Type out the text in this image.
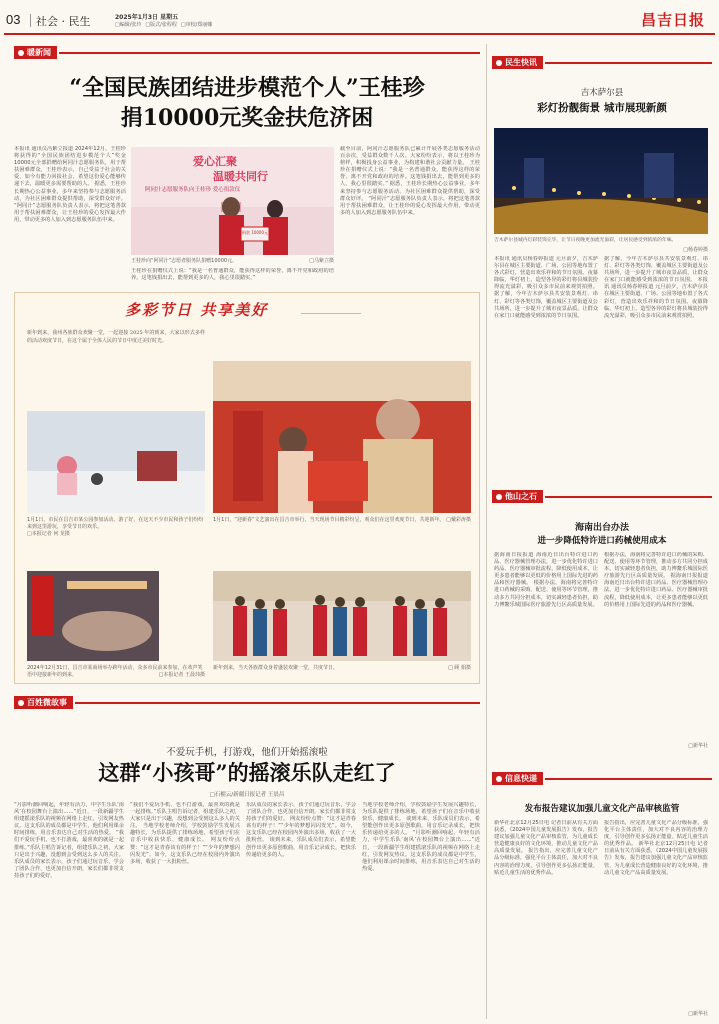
03 社会 · 民生	2025年1月3日 星期五
□编辑/张玲 □版式/张程程 □审校/郑丽娜	昌吉日报
暖新闻
“全国民族团结进步模范个人”王桂珍
捐10000元奖金扶危济困
本报讯 通讯员冯紫立报道 2024年12月，王桂珍将获得的“全国民族团结进步模范个人”奖金10000元全部捐赠给阿同汁志愿服务队，用于帮扶困难群众，王桂珍表示，自己受益于社会的关爱，如今有能力回报社会，希望这份爱心能够传递下去，温暖更多需要帮助的人。 据悉，王桂珍长期热心公益事业，多年来坚持参与志愿服务活动，为社区困难群众提供帮助，深受群众好评。 “阿同汁”志愿服务队负责人表示，将把这笔善款用于帮扶困难群众，让王桂珍的爱心发挥最大作用，带动更多的人加入到志愿服务队伍中来。
爱心汇聚
温暖共同行
阿同汁志愿服务队向王桂珍 爱心捐款仪
捐款 10000元
王桂珍向“阿同汁”志愿者服务队捐赠10000元。	□马紫立摄
王桂珍在捐赠仪式上说：“我是一名普通群众，能获得这样的荣誉，离不开党和政府的培养。这笔钱捐出去，能帮到更多的人，我心里很踏实。”
截至目前，阿同汁志愿服务队已累计开展各类志愿服务活动百余次，受益群众数千人次。大家纷纷表示，将以王桂珍为榜样，积极投身公益事业，为构建和谐社会贡献力量。 王桂珍在捐赠仪式上说：“我是一名普通群众，能获得这样的荣誉，离不开党和政府的培养。这笔钱捐出去，能帮到更多的人，我心里很踏实。” 据悉，王桂珍长期热心公益事业，多年来坚持参与志愿服务活动，为社区困难群众提供帮助，深受群众好评。 “阿同汁”志愿服务队负责人表示，将把这笔善款用于帮扶困难群众，让王桂珍的爱心发挥最大作用，带动更多的人加入到志愿服务队伍中来。
多彩节日 共享美好
新年到来，我州各族群众欢聚一堂，一起迎接 2025 年的到来，大家以形式多样的活动欢度节日，在这个属于全体人民的节日中度过美好时光。
1月1日，市民在昌吉市某公园参加活动。游了好，在这天不少市民和孩子们纷纷来到这里游玩，享受节日的欢乐。
□本报记者 何 龙摄
1月1日，“迎新春”文艺演出在昌吉市举行，当天现场节目精彩纷呈，观众们在这里欢度节日，共迎新年。 □戴彩涛摄
2024年12月31日，昌吉市某商场举办跨年活动，众多市民前来参加，在欢声笑语中迎接新年的到来。	□本报记者 王晨玮摄
新年到来，当天各族群众身着盛装欢聚一堂，共度节日。	□ 顾 娟摄
百姓微故事
不爱玩手机，打游戏，他们开始摇滚啦
这群“小孩哥”的摇滚乐队走红了
□石榴云/新疆日报记者 王晨昌
“月影听潮回响起，年轻有活力，中学生乐队‘南风’在校园舞台上演出……”近日，一段新疆学生组建摇滚乐队的视频在网络上走红，引发网友热议。这支乐队的成员都是中学生，他们利用课余时间排练，用音乐表达自己对生活的热爱。 “我们不爱玩手机，也不打游戏，最喜欢的就是一起排练。”乐队主唱告诉记者，组建乐队之初，大家只是出于兴趣，没想到会受到这么多人的关注。 乐队成员的家长表示，孩子们通过玩音乐，学会了团队合作，也更加自信开朗，家长们都非常支持孩子们的爱好。
“我们不爱玩手机，也不打游戏，最喜欢的就是一起排练。”乐队主唱告诉记者，组建乐队之初，大家只是出于兴趣，没想到会受到这么多人的关注。 当地学校老师介绍，学校鼓励学生发展兴趣特长，为乐队提供了排练场地，希望孩子们在音乐中收获快乐，健康成长。 网友纷纷点赞：“这才是青春该有的样子！”“少年的梦想闪闪发光”。如今，这支乐队已经在校园内外演出多场，收获了一大批粉丝。
乐队成员的家长表示，孩子们通过玩音乐，学会了团队合作，也更加自信开朗，家长们都非常支持孩子们的爱好。 网友纷纷点赞：“这才是青春该有的样子！”“少年的梦想闪闪发光”。如今，这支乐队已经在校园内外演出多场，收获了一大批粉丝。 谈到未来，乐队成员们表示，希望能创作出更多原创歌曲，用音乐记录成长，把快乐传递给更多的人。
当地学校老师介绍，学校鼓励学生发展兴趣特长，为乐队提供了排练场地，希望孩子们在音乐中收获快乐，健康成长。 谈到未来，乐队成员们表示，希望能创作出更多原创歌曲，用音乐记录成长，把快乐传递给更多的人。 “月影听潮回响起，年轻有活力，中学生乐队‘南风’在校园舞台上演出……”近日，一段新疆学生组建摇滚乐队的视频在网络上走红，引发网友热议。这支乐队的成员都是中学生，他们利用课余时间排练，用音乐表达自己对生活的热爱。
民生快讯
吉木萨尔县
彩灯扮靓街景 城市展现新颜
吉木萨尔县城内灯彩装饰完毕，让节日夜晚更加流光溢彩，让居民感受到浓浓的年味。
□杨春婷摄
本报讯 通讯员杨春婷报道 元旦前夕，吉木萨尔县在城区主要街道、广场、公园等地布置了各式彩灯，营造出欢乐祥和的节日氛围。夜幕降临，华灯初上，造型各异的彩灯将县城装扮得流光溢彩，吸引众多市民前来观赏拍照。 据了解，今年吉木萨尔县共安装景观灯、串灯、彩灯等各类灯饰，覆盖城区主要街道及公共场所，进一步提升了城市夜景品质，让群众在家门口就能感受到浓浓的节日氛围。
据了解，今年吉木萨尔县共安装景观灯、串灯、彩灯等各类灯饰，覆盖城区主要街道及公共场所，进一步提升了城市夜景品质，让群众在家门口就能感受到浓浓的节日氛围。 本报讯 通讯员杨春婷报道 元旦前夕，吉木萨尔县在城区主要街道、广场、公园等地布置了各式彩灯，营造出欢乐祥和的节日氛围。夜幕降临，华灯初上，造型各异的彩灯将县城装扮得流光溢彩，吸引众多市民前来观赏拍照。
他山之石
海南出台办法
进一步降低特许进口药械使用成本
据海南日报报道 海南近日出台特许进口药品、医疗器械管理办法，进一步优化特许进口药品、医疗器械审批流程，降低使用成本，让更多患者能够以更低的价格用上国际先进的药品和医疗器械。 根据办法，海南将完善特许进口药械的采购、配送、使用等环节管理，推动多方共同分担成本，切实减轻患者负担，助力博鳌乐城国际医疗旅游先行区高质量发展。
根据办法，海南将完善特许进口药械的采购、配送、使用等环节管理，推动多方共同分担成本，切实减轻患者负担，助力博鳌乐城国际医疗旅游先行区高质量发展。 据海南日报报道 海南近日出台特许进口药品、医疗器械管理办法，进一步优化特许进口药品、医疗器械审批流程，降低使用成本，让更多患者能够以更低的价格用上国际先进的药品和医疗器械。
□新华社
信息快递
发布报告建议加强儿童文化产品审核监管
新华社北京12月25日电 记者日前从有关方面获悉，《2024中国儿童发展报告》发布，报告建议加强儿童文化产品审核监管，为儿童成长营造健康良好的文化环境，推动儿童文化产品高质量发展。 报告指出，应完善儿童文化产品分级标准，强化平台主体责任，加大对不良内容的治理力度，引导创作更多弘扬正能量、贴近儿童生活的优秀作品。
报告指出，应完善儿童文化产品分级标准，强化平台主体责任，加大对不良内容的治理力度，引导创作更多弘扬正能量、贴近儿童生活的优秀作品。 新华社北京12月25日电 记者日前从有关方面获悉，《2024中国儿童发展报告》发布，报告建议加强儿童文化产品审核监管，为儿童成长营造健康良好的文化环境，推动儿童文化产品高质量发展。
□新华社
